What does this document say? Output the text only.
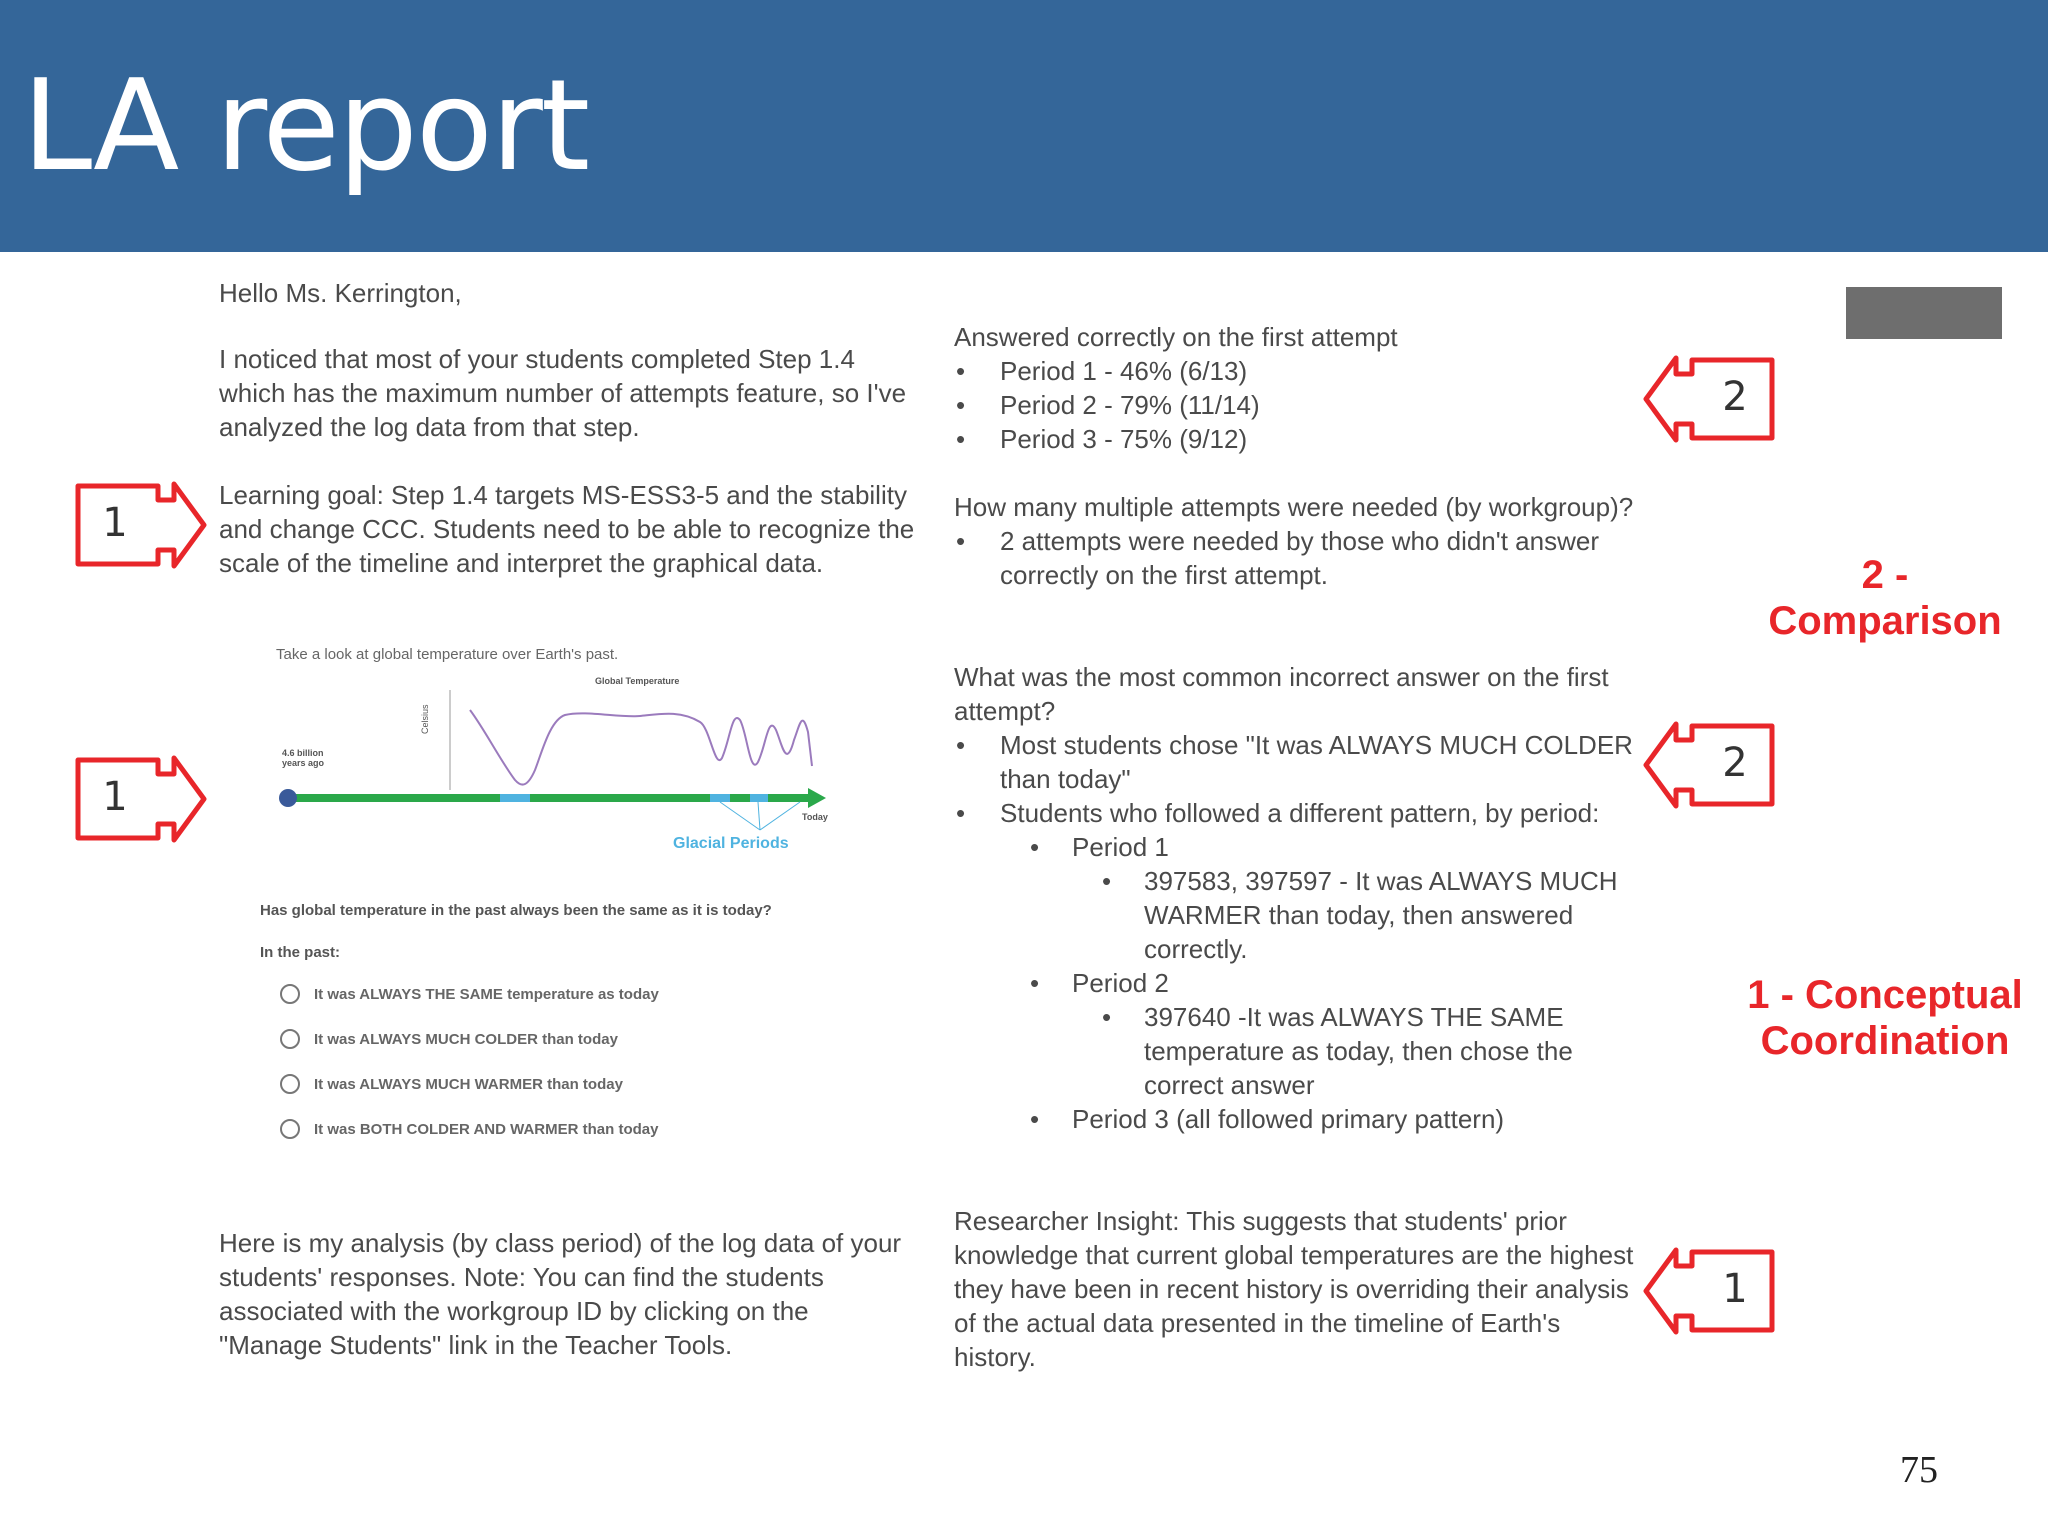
LA report

Hello Ms. Kerrington,

I noticed that most of your students completed Step 1.4 which has the maximum number of attempts feature, so I've analyzed the log data from that step.

Learning goal: Step 1.4 targets MS-ESS3-5 and the stability and change CCC. Students need to be able to recognize the scale of the timeline and interpret the graphical data.

Here is my analysis (by class period) of the log data of your students' responses. Note: You can find the students associated with the workgroup ID by clicking on the "Manage Students" link in the Teacher Tools.

Take a look at global temperature over Earth's past.
Global Temperature
Celsius
4.6 billion years ago
Today
Glacial Periods
Has global temperature in the past always been the same as it is today?
In the past:
It was ALWAYS THE SAME temperature as today
It was ALWAYS MUCH COLDER than today
It was ALWAYS MUCH WARMER than today
It was BOTH COLDER AND WARMER than today
Answered correctly on the first attempt
• Period 1 - 46% (6/13)
• Period 2 - 79% (11/14)
• Period 3 - 75% (9/12)
How many multiple attempts were needed (by workgroup)?
• 2 attempts were needed by those who didn't answer correctly on the first attempt.
What was the most common incorrect answer on the first attempt?
• Most students chose "It was ALWAYS MUCH COLDER than today"
• Students who followed a different pattern, by period:
• Period 1
• 397583, 397597 - It was ALWAYS MUCH WARMER than today, then answered correctly.
• Period 2
• 397640 -It was ALWAYS THE SAME temperature as today, then chose the correct answer
• Period 3 (all followed primary pattern)

Researcher Insight: This suggests that students' prior knowledge that current global temperatures are the highest they have been in recent history is overriding their analysis of the actual data presented in the timeline of Earth's history.

1
1
2
2
1
2 -
Comparison
1 - Conceptual
Coordination
75
